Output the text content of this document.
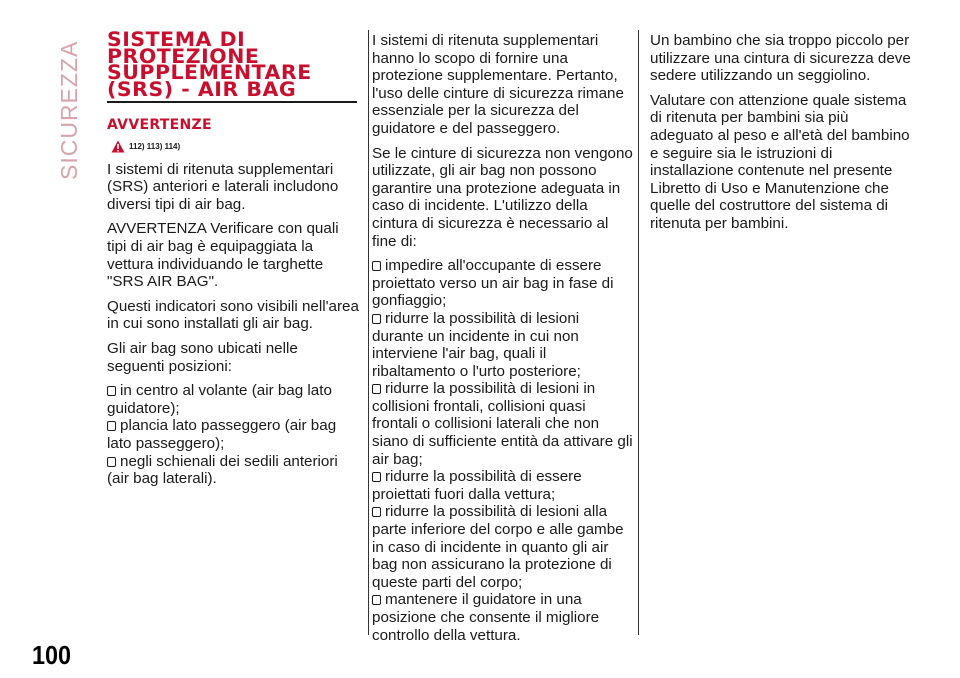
SICUREZZA
100
SISTEMA DI
PROTEZIONE
SUPPLEMENTARE
(SRS) - AIR BAG
AVVERTENZE
112) 113) 114)

I sistemi di ritenuta supplementari (SRS) anteriori e laterali includono diversi tipi di air bag.

AVVERTENZA Verificare con quali tipi di air bag è equipaggiata la vettura individuando le targhette "SRS AIR BAG".

Questi indicatori sono visibili nell'area in cui sono installati gli air bag.

Gli air bag sono ubicati nelle seguenti posizioni:

in centro al volante (air bag lato guidatore);
plancia lato passeggero (air bag lato passeggero);
negli schienali dei sedili anteriori (air bag laterali).

I sistemi di ritenuta supplementari hanno lo scopo di fornire una protezione supplementare. Pertanto, l'uso delle cinture di sicurezza rimane essenziale per la sicurezza del guidatore e del passeggero.

Se le cinture di sicurezza non vengono utilizzate, gli air bag non possono garantire una protezione adeguata in caso di incidente. L'utilizzo della cintura di sicurezza è necessario al fine di:

impedire all'occupante di essere proiettato verso un air bag in fase di gonfiaggio;
ridurre la possibilità di lesioni durante un incidente in cui non interviene l'air bag, quali il ribaltamento o l'urto posteriore;
ridurre la possibilità di lesioni in collisioni frontali, collisioni quasi frontali o collisioni laterali che non siano di sufficiente entità da attivare gli air bag;
ridurre la possibilità di essere proiettati fuori dalla vettura;
ridurre la possibilità di lesioni alla parte inferiore del corpo e alle gambe in caso di incidente in quanto gli air bag non assicurano la protezione di queste parti del corpo;
mantenere il guidatore in una posizione che consente il migliore controllo della vettura.

Un bambino che sia troppo piccolo per utilizzare una cintura di sicurezza deve sedere utilizzando un seggiolino.

Valutare con attenzione quale sistema di ritenuta per bambini sia più adeguato al peso e all'età del bambino e seguire sia le istruzioni di installazione contenute nel presente Libretto di Uso e Manutenzione che quelle del costruttore del sistema di ritenuta per bambini.
